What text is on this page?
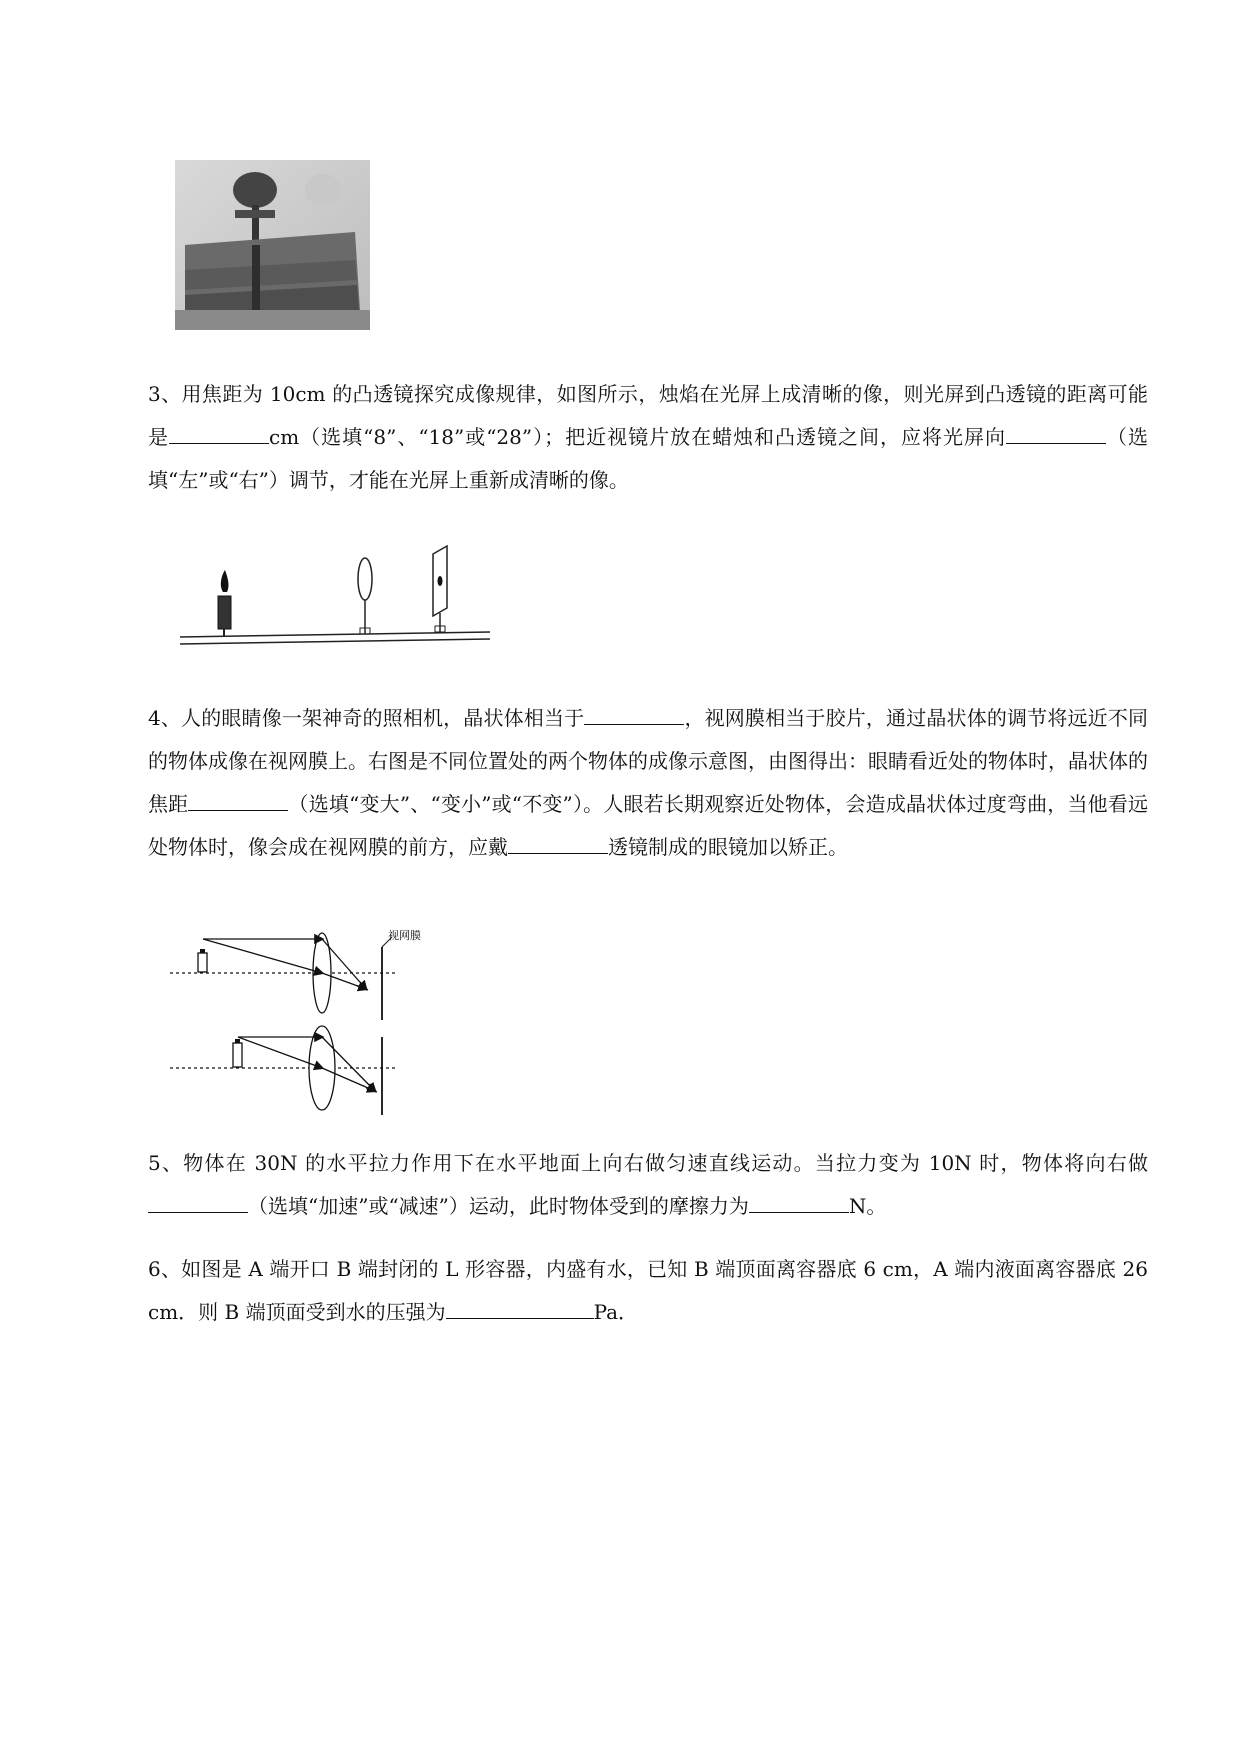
3、用焦距为 10cm 的凸透镜探究成像规律，如图所示，烛焰在光屏上成清晰的像，则光屏到凸透镜的距离可能是	cm（选填“8”、“18”或“28”）；把近视镜片放在蜡烛和凸透镜之间，应将光屏向	（选填“左”或“右”）调节，才能在光屏上重新成清晰的像。
4、人的眼睛像一架神奇的照相机，晶状体相当于	，视网膜相当于胶片，通过晶状体的调节将远近不同的物体成像在视网膜上。右图是不同位置处的两个物体的成像示意图，由图得出：眼睛看近处的物体时，晶状体的焦距	（选填“变大”、“变小”或“不变”）。人眼若长期观察近处物体，会造成晶状体过度弯曲，当他看远处物体时，像会成在视网膜的前方，应戴	透镜制成的眼镜加以矫正。
视网膜
5、物体在 30N 的水平拉力作用下在水平地面上向右做匀速直线运动。当拉力变为 10N 时，物体将向右做（选填“加速”或“减速”）运动，此时物体受到的摩擦力为	N。
6、如图是 A 端开口 B 端封闭的 L 形容器，内盛有水，已知 B 端顶面离容器底 6 cm，A 端内液面离容器底 26 cm．则 B 端顶面受到水的压强为	Pa．
